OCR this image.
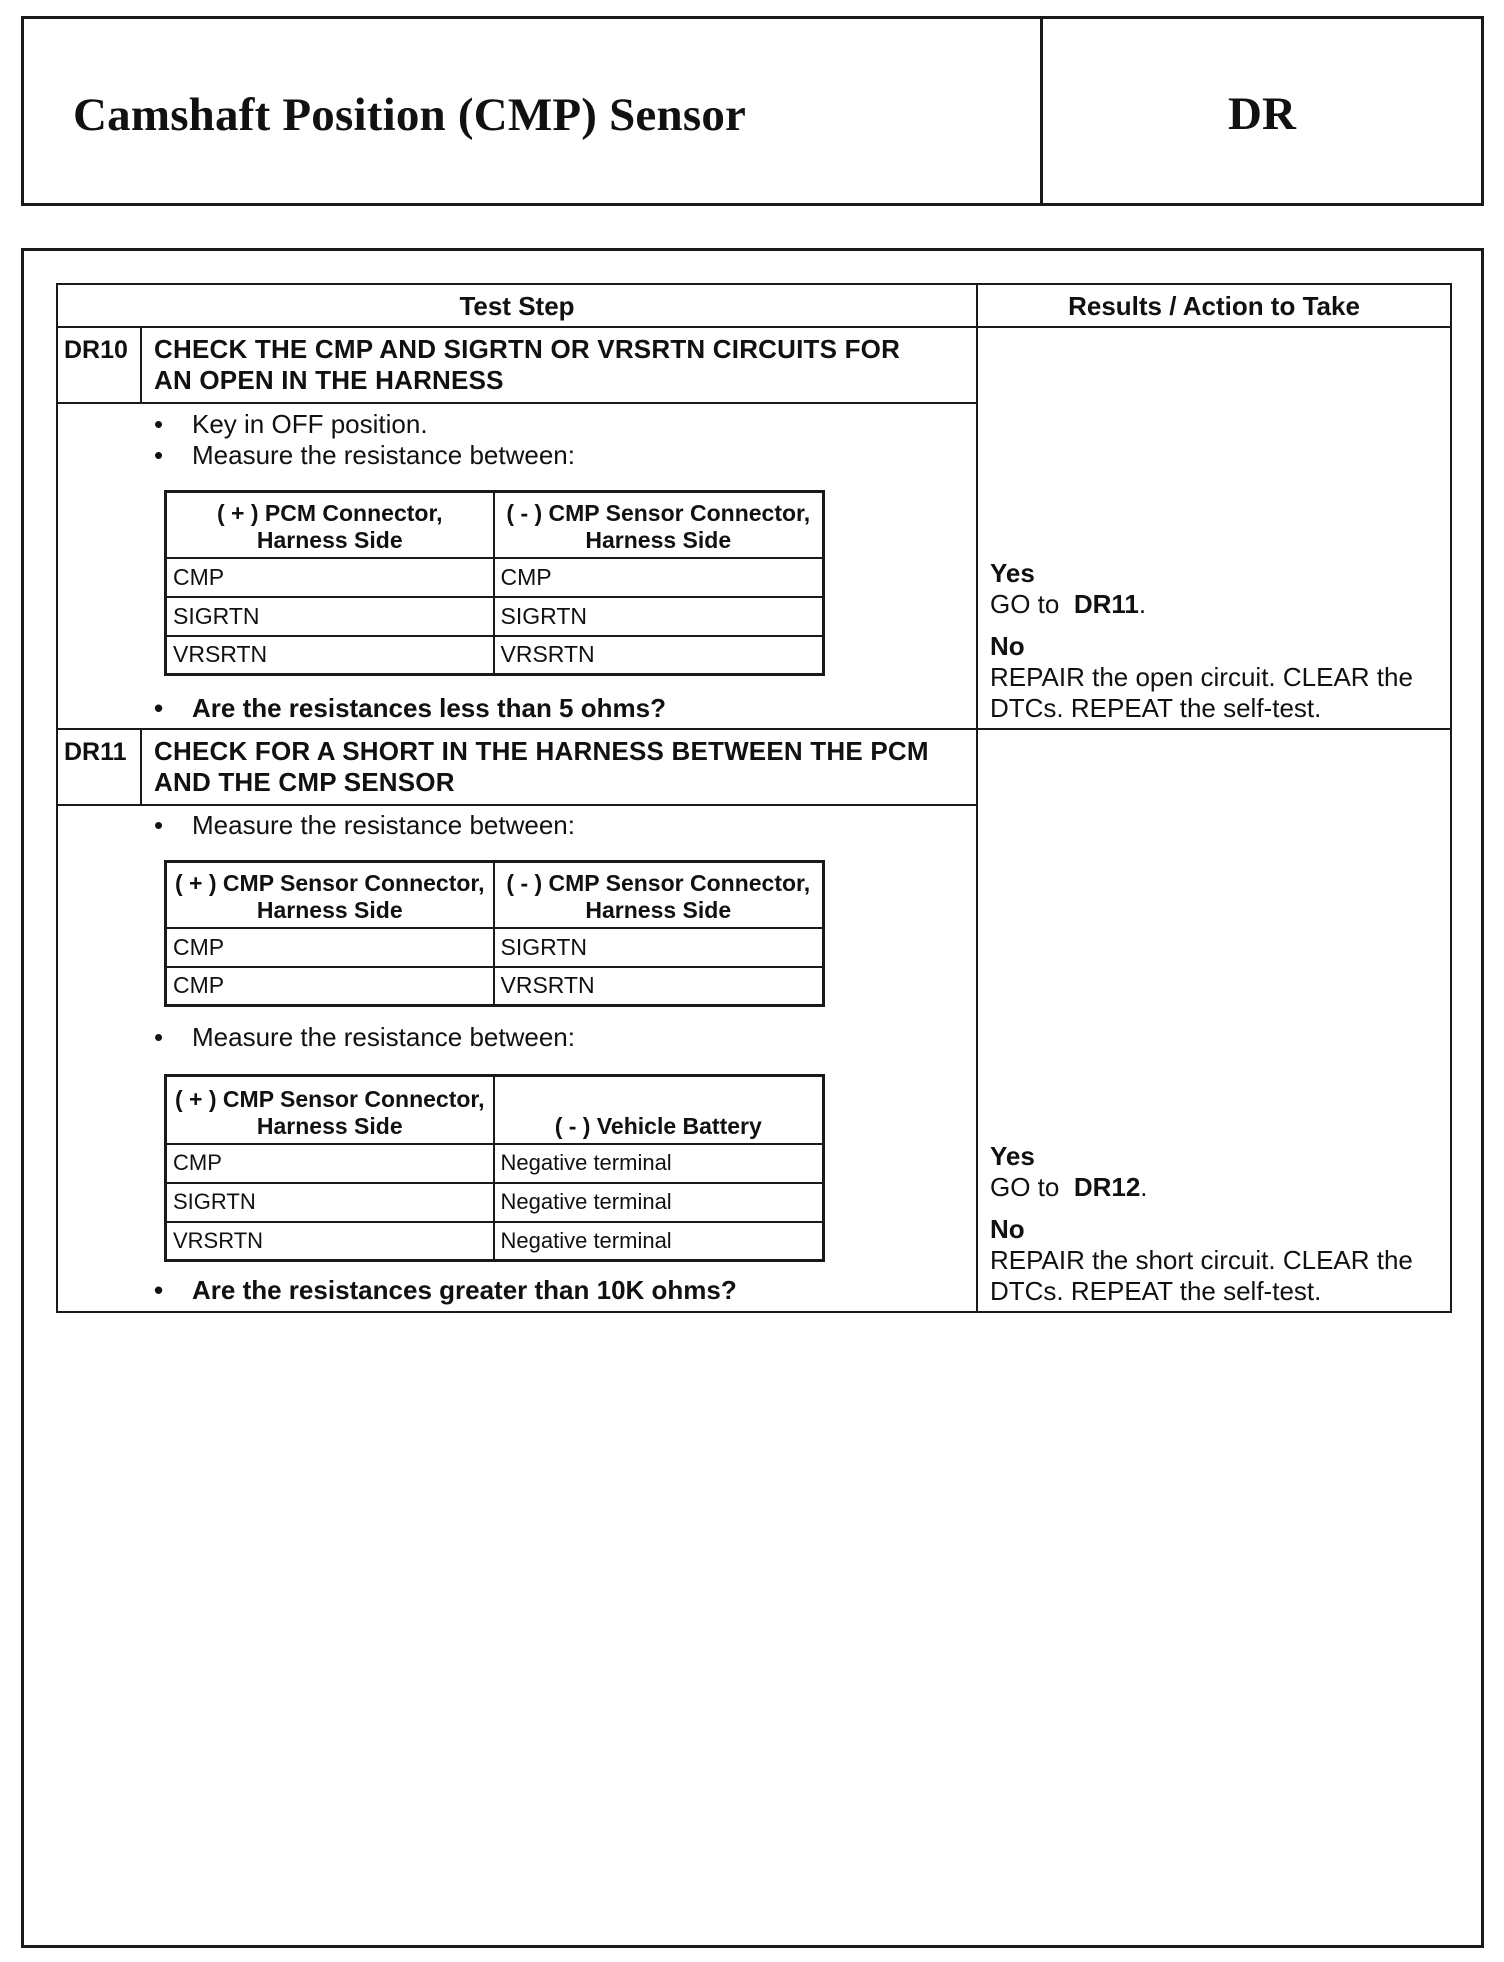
Camshaft Position (CMP) Sensor	DR
Test Step	Results / Action to Take
DR10 CHECK THE CMP AND SIGRTN OR VRSRTN CIRCUITS FOR AN OPEN IN THE HARNESS
• Key in OFF position.
• Measure the resistance between:
( + ) PCM Connector, Harness Side	( - ) CMP Sensor Connector, Harness Side
CMP	CMP
SIGRTN	SIGRTN
VRSRTN	VRSRTN
• Are the resistances less than 5 ohms?
Yes
GO to DR11.
No
REPAIR the open circuit. CLEAR the DTCs. REPEAT the self-test.
DR11 CHECK FOR A SHORT IN THE HARNESS BETWEEN THE PCM AND THE CMP SENSOR
• Measure the resistance between:
( + ) CMP Sensor Connector, Harness Side	( - ) CMP Sensor Connector, Harness Side
CMP	SIGRTN
CMP	VRSRTN
• Measure the resistance between:
( + ) CMP Sensor Connector, Harness Side	( - ) Vehicle Battery
CMP	Negative terminal
SIGRTN	Negative terminal
VRSRTN	Negative terminal
• Are the resistances greater than 10K ohms?
Yes
GO to DR12.
No
REPAIR the short circuit. CLEAR the DTCs. REPEAT the self-test.
